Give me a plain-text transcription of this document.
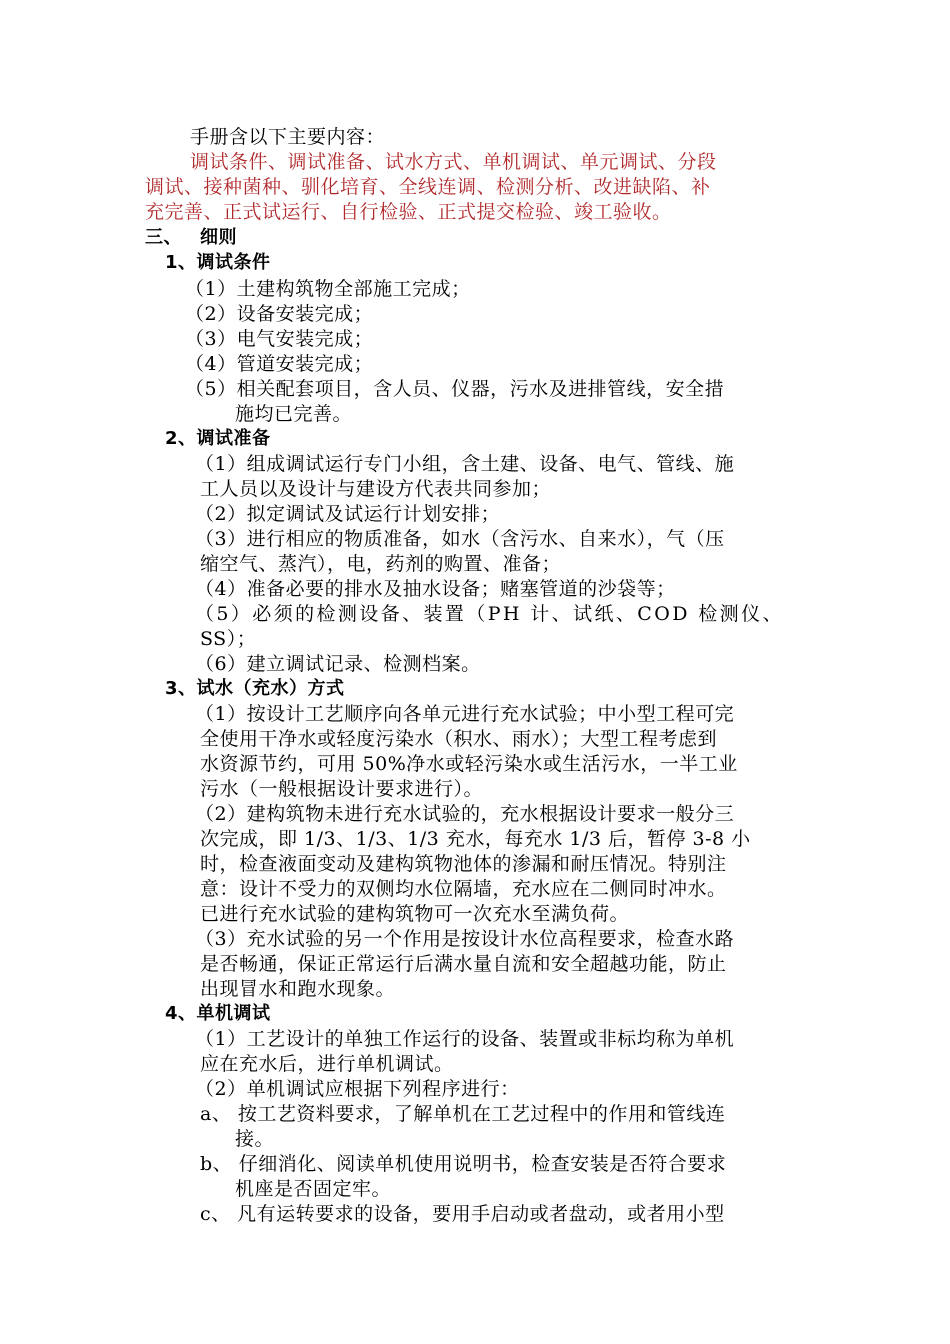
手册含以下主要内容：
调试条件、调试准备、试水方式、单机调试、单元调试、分段
调试、接种菌种、驯化培育、全线连调、检测分析、改进缺陷、补
充完善、正式试运行、自行检验、正式提交检验、竣工验收。
三、 细则
1、调试条件
（1）土建构筑物全部施工完成；
（2）设备安装完成；
（3）电气安装完成；
（4）管道安装完成；
（5）相关配套项目，含人员、仪器，污水及进排管线，安全措
施均已完善。
2、调试准备
（1）组成调试运行专门小组，含土建、设备、电气、管线、施
工人员以及设计与建设方代表共同参加；
（2）拟定调试及试运行计划安排；
（3）进行相应的物质准备，如水（含污水、自来水），气（压
缩空气、蒸汽），电，药剂的购置、准备；
（4）准备必要的排水及抽水设备；赌塞管道的沙袋等；
（5）必须的检测设备、装置（PH 计、试纸、COD 检测仪、
SS）；
（6）建立调试记录、检测档案。
3、试水（充水）方式
（1）按设计工艺顺序向各单元进行充水试验；中小型工程可完
全使用干净水或轻度污染水（积水、雨水）；大型工程考虑到
水资源节约，可用 50%净水或轻污染水或生活污水，一半工业
污水（一般根据设计要求进行）。
（2）建构筑物未进行充水试验的，充水根据设计要求一般分三
次完成，即 1/3、1/3、1/3 充水，每充水 1/3 后，暂停 3-8 小
时，检查液面变动及建构筑物池体的渗漏和耐压情况。特别注
意：设计不受力的双侧均水位隔墙，充水应在二侧同时冲水。
已进行充水试验的建构筑物可一次充水至满负荷。
（3）充水试验的另一个作用是按设计水位高程要求，检查水路
是否畅通，保证正常运行后满水量自流和安全超越功能，防止
出现冒水和跑水现象。
4、单机调试
（1）工艺设计的单独工作运行的设备、装置或非标均称为单机
应在充水后，进行单机调试。
（2）单机调试应根据下列程序进行：
a、 按工艺资料要求，了解单机在工艺过程中的作用和管线连
接。
b、 仔细消化、阅读单机使用说明书，检查安装是否符合要求
机座是否固定牢。
c、 凡有运转要求的设备，要用手启动或者盘动，或者用小型
